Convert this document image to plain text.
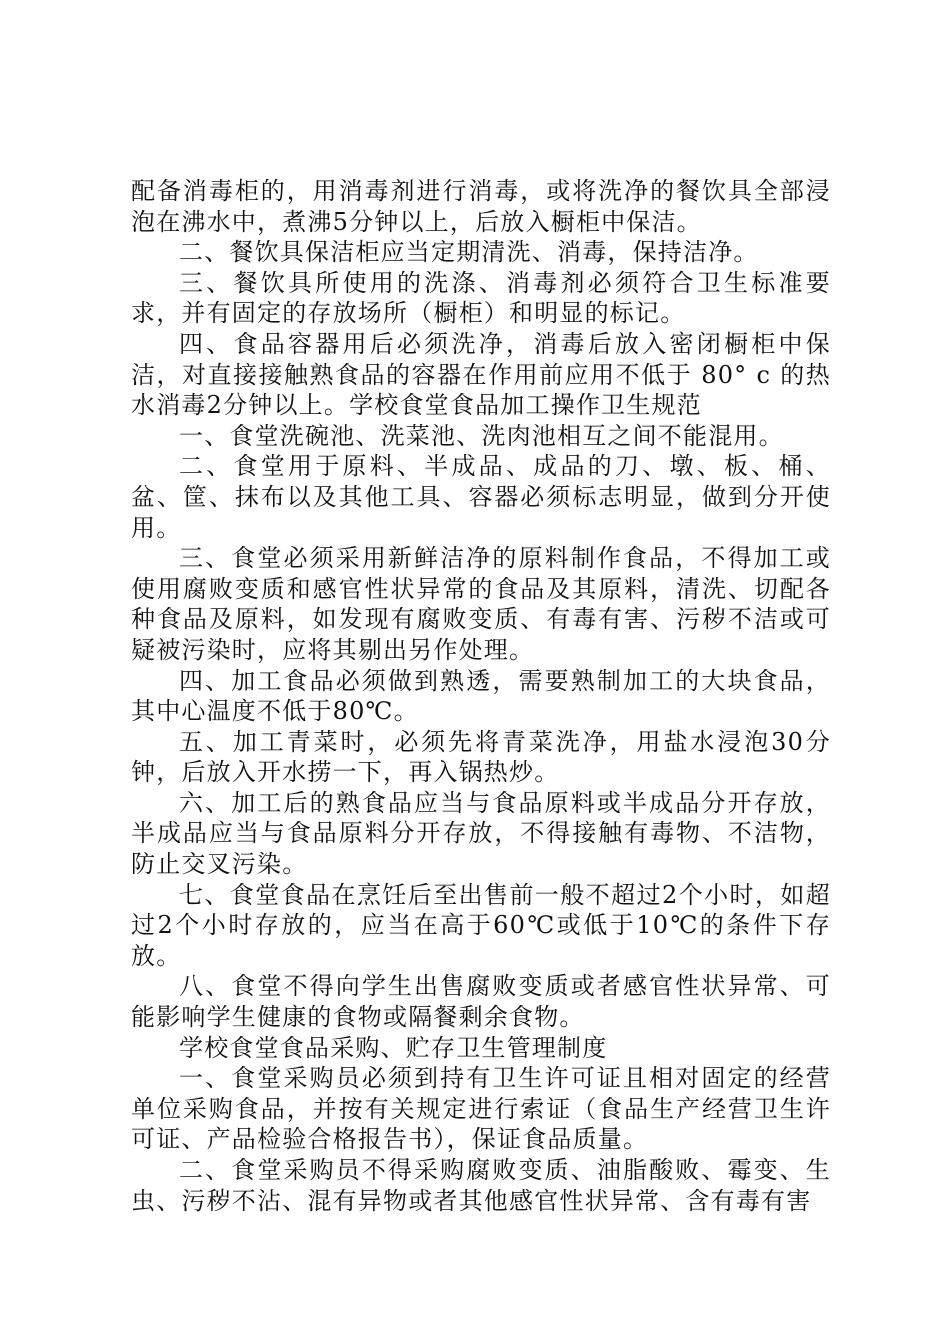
配备消毒柜的，用消毒剂进行消毒，或将洗净的餐饮具全部浸泡在沸水中，煮沸5分钟以上，后放入橱柜中保洁。

二、餐饮具保洁柜应当定期清洗、消毒，保持洁净。

三、餐饮具所使用的洗涤、消毒剂必须符合卫生标准要求，并有固定的存放场所（橱柜）和明显的标记。

四、食品容器用后必须洗净，消毒后放入密闭橱柜中保洁，对直接接触熟食品的容器在作用前应用不低于 80° c 的热水消毒2分钟以上。学校食堂食品加工操作卫生规范

一、食堂洗碗池、洗菜池、洗肉池相互之间不能混用。

二、食堂用于原料、半成品、成品的刀、墩、板、桶、盆、筐、抹布以及其他工具、容器必须标志明显，做到分开使用。

三、食堂必须采用新鲜洁净的原料制作食品，不得加工或使用腐败变质和感官性状异常的食品及其原料，清洗、切配各种食品及原料，如发现有腐败变质、有毒有害、污秽不洁或可疑被污染时，应将其剔出另作处理。

四、加工食品必须做到熟透，需要熟制加工的大块食品，其中心温度不低于80℃。

五、加工青菜时，必须先将青菜洗净，用盐水浸泡30分钟，后放入开水捞一下，再入锅热炒。

六、加工后的熟食品应当与食品原料或半成品分开存放，半成品应当与食品原料分开存放，不得接触有毒物、不洁物，防止交叉污染。

七、食堂食品在烹饪后至出售前一般不超过2个小时，如超过2个小时存放的，应当在高于60℃或低于10℃的条件下存放。

八、食堂不得向学生出售腐败变质或者感官性状异常、可能影响学生健康的食物或隔餐剩余食物。

学校食堂食品采购、贮存卫生管理制度

一、食堂采购员必须到持有卫生许可证且相对固定的经营单位采购食品，并按有关规定进行索证（食品生产经营卫生许可证、产品检验合格报告书），保证食品质量。

二、食堂采购员不得采购腐败变质、油脂酸败、霉变、生虫、污秽不沾、混有异物或者其他感官性状异常、含有毒有害
